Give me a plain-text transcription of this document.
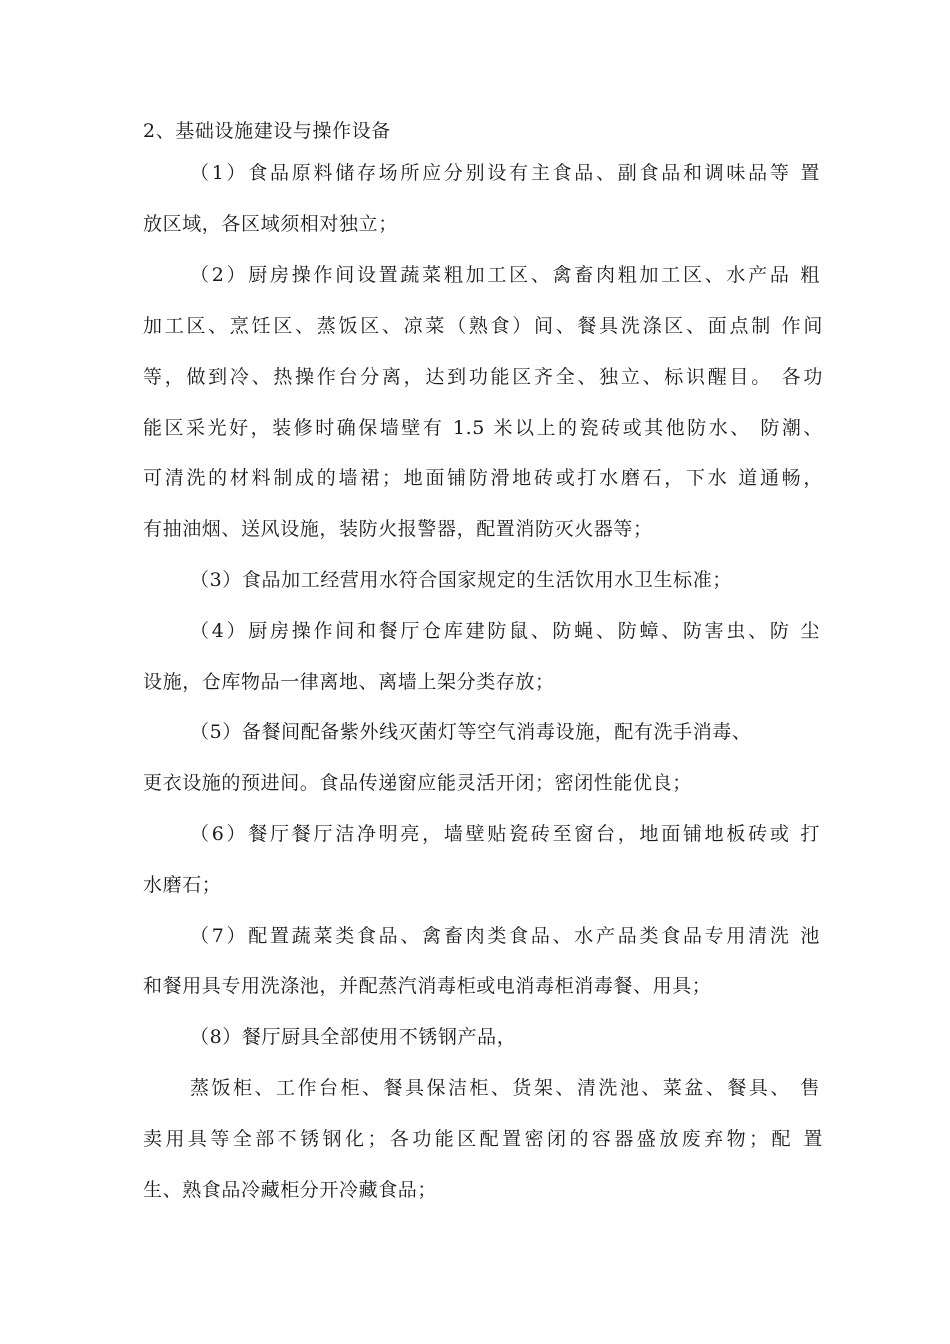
2、基础设施建设与操作设备

（1）食品原料储存场所应分别设有主食品、副食品和调味品等 置

放区域，各区域须相对独立；

（2）厨房操作间设置蔬菜粗加工区、禽畜肉粗加工区、水产品 粗

加工区、烹饪区、蒸饭区、凉菜（熟食）间、餐具洗涤区、面点制 作间

等，做到冷、热操作台分离，达到功能区齐全、独立、标识醒目。 各功

能区采光好，装修时确保墙壁有 1.5 米以上的瓷砖或其他防水、 防潮、

可清洗的材料制成的墙裙；地面铺防滑地砖或打水磨石，下水 道通畅，

有抽油烟、送风设施，装防火报警器，配置消防灭火器等；

（3）食品加工经营用水符合国家规定的生活饮用水卫生标准；

（4）厨房操作间和餐厅仓库建防鼠、防蝇、防蟑、防害虫、防 尘

设施，仓库物品一律离地、离墙上架分类存放；

（5）备餐间配备紫外线灭菌灯等空气消毒设施，配有洗手消毒、

更衣设施的预进间。食品传递窗应能灵活开闭；密闭性能优良；

（6）餐厅餐厅洁净明亮，墙壁贴瓷砖至窗台，地面铺地板砖或 打

水磨石；

（7）配置蔬菜类食品、禽畜肉类食品、水产品类食品专用清洗 池

和餐用具专用洗涤池，并配蒸汽消毒柜或电消毒柜消毒餐、用具；

（8）餐厅厨具全部使用不锈钢产品，

蒸饭柜、工作台柜、餐具保洁柜、货架、清洗池、菜盆、餐具、 售

卖用具等全部不锈钢化；各功能区配置密闭的容器盛放废弃物；配 置

生、熟食品冷藏柜分开冷藏食品；
